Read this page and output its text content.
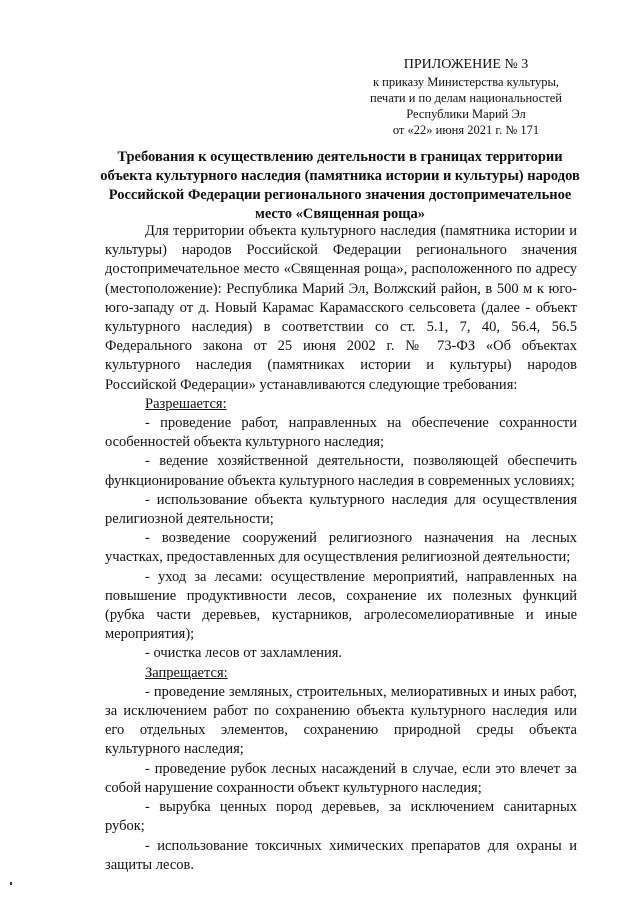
ПРИЛОЖЕНИЕ № 3
к приказу Министерства культуры,
печати и по делам национальностей
Республики Марий Эл
от «22» июня 2021 г. № 171
Требования к осуществлению деятельности в границах территории объекта культурного наследия (памятника истории и культуры) народов Российской Федерации регионального значения достопримечательное место «Священная роща»

Для территории объекта культурного наследия (памятника истории и культуры) народов Российской Федерации регионального значения достопримечательное место «Священная роща», расположенного по адресу (местоположение): Республика Марий Эл, Волжский район, в 500 м к юго-юго-западу от д. Новый Карамас Карамасского сельсовета (далее - объект культурного наследия) в соответствии со ст. 5.1, 7, 40, 56.4, 56.5 Федерального закона от 25 июня 2002 г. № 73-ФЗ «Об объектах культурного наследия (памятниках истории и культуры) народов Российской Федерации» устанавливаются следующие требования:

Разрешается:

- проведение работ, направленных на обеспечение сохранности особенностей объекта культурного наследия;
- ведение хозяйственной деятельности, позволяющей обеспечить функционирование объекта культурного наследия в современных условиях;
- использование объекта культурного наследия для осуществления религиозной деятельности;
- возведение сооружений религиозного назначения на лесных участках, предоставленных для осуществления религиозной деятельности;
- уход за лесами: осуществление мероприятий, направленных на повышение продуктивности лесов, сохранение их полезных функций (рубка части деревьев, кустарников, агролесомелиоративные и иные мероприятия);
- очистка лесов от захламления.

Запрещается:

- проведение земляных, строительных, мелиоративных и иных работ, за исключением работ по сохранению объекта культурного наследия или его отдельных элементов, сохранению природной среды объекта культурного наследия;
- проведение рубок лесных насаждений в случае, если это влечет за собой нарушение сохранности объект культурного наследия;
- вырубка ценных пород деревьев, за исключением санитарных рубок;
- использование токсичных химических препаратов для охраны и защиты лесов.
